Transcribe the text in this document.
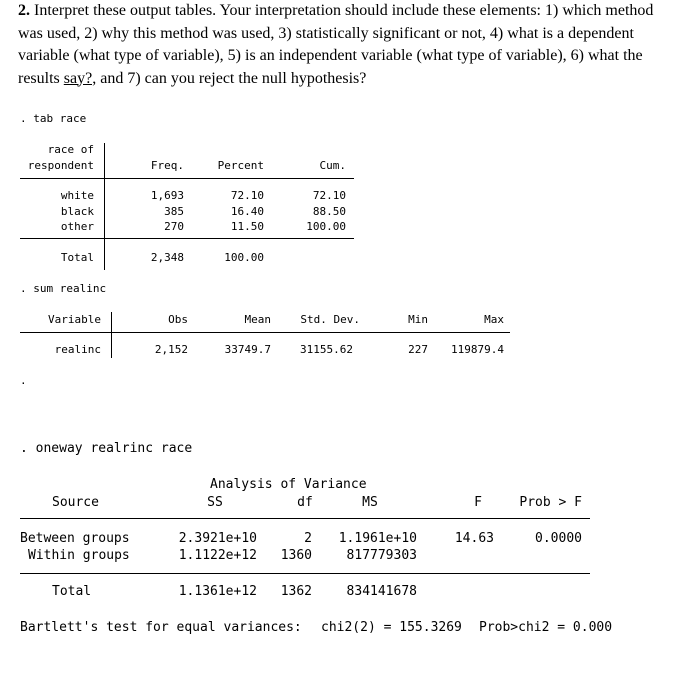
2. Interpret these output tables. Your interpretation should include these elements: 1) which method was used, 2) why this method was used, 3) statistically significant or not, 4) what is a dependent variable (what type of variable), 5) is an independent variable (what type of variable), 6) what the results say?, and 7) can you reject the null hypothesis?
. tab race
race of
respondent	Freq.	Percent	Cum.
white	1,693	72.10	72.10
black	385	16.40	88.50
other	270	11.50	100.00
Total	2,348	100.00
. sum realinc
Variable	Obs	Mean	Std. Dev.	Min	Max
realinc	2,152	33749.7	31155.62	227	119879.4
.
. oneway realrinc race
Analysis of Variance
Source	SS	df	MS	F	Prob > F
Between groups	2.3921e+10	2	1.1961e+10	14.63	0.0000
Within groups	1.1122e+12	1360	817779303
Total	1.1361e+12	1362	834141678
Bartlett's test for equal variances: chi2(2) = 155.3269 Prob>chi2 = 0.000
